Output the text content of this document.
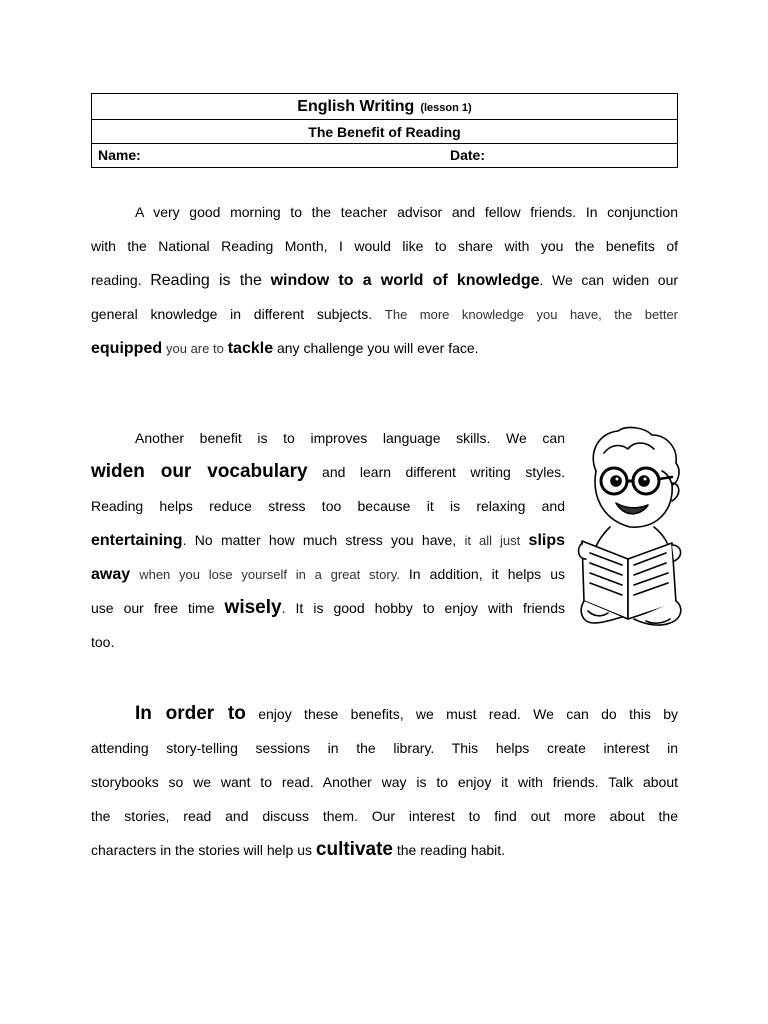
English Writing (lesson 1)
The Benefit of Reading

Name:	Date:
A very good morning to the teacher advisor and fellow friends. In conjunction
with the National Reading Month, I would like to share with you the benefits of
reading. Reading is the window to a world of knowledge. We can widen our
general knowledge in different subjects. The more knowledge you have, the better
equipped you are to tackle any challenge you will ever face.
Another benefit is to improves language skills. We can
widen our vocabulary and learn different writing styles.
Reading helps reduce stress too because it is relaxing and
entertaining. No matter how much stress you have, it all just slips
away when you lose yourself in a great story. In addition, it helps us
use our free time wisely. It is good hobby to enjoy with friends
too.
In order to enjoy these benefits, we must read. We can do this by
attending story-telling sessions in the library. This helps create interest in
storybooks so we want to read. Another way is to enjoy it with friends. Talk about
the stories, read and discuss them. Our interest to find out more about the
characters in the stories will help us cultivate the reading habit.
